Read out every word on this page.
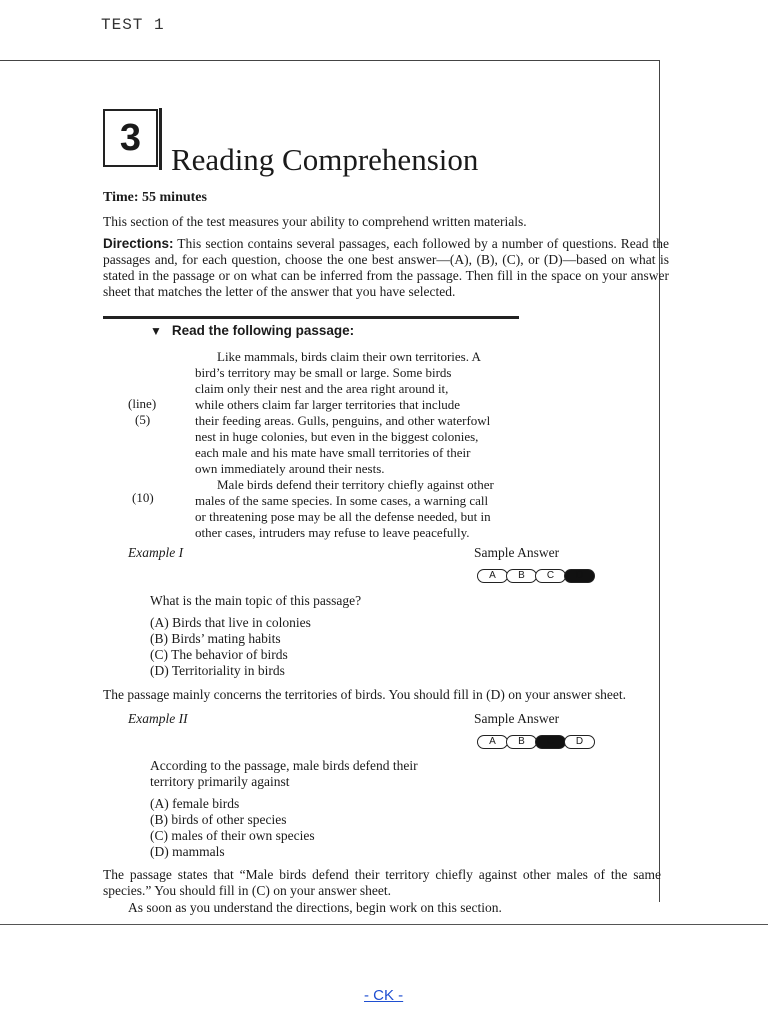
TEST 1
3
Reading Comprehension
Time: 55 minutes
This section of the test measures your ability to comprehend written materials.
Directions: This section contains several passages, each followed by a number of questions. Read the passages and, for each question, choose the one best answer—(A), (B), (C), or (D)—based on what is stated in the passage or on what can be inferred from the passage. Then fill in the space on your answer sheet that matches the letter of the answer that you have selected.
▼ Read the following passage:
Like mammals, birds claim their own territories. A
bird’s territory may be small or large. Some birds
claim only their nest and the area right around it,
while others claim far larger territories that include
their feeding areas. Gulls, penguins, and other waterfowl
nest in huge colonies, but even in the biggest colonies,
each male and his mate have small territories of their
own immediately around their nests.
Male birds defend their territory chiefly against other
males of the same species. In some cases, a warning call
or threatening pose may be all the defense needed, but in
other cases, intruders may refuse to leave peacefully.
(line)
(5)
(10)
Example I	Sample Answer
A	B	C	D
What is the main topic of this passage?
(A) Birds that live in colonies
(B) Birds’ mating habits
(C) The behavior of birds
(D) Territoriality in birds
The passage mainly concerns the territories of birds. You should fill in (D) on your answer sheet.
Example II	Sample Answer
A	B	C	D
According to the passage, male birds defend their
territory primarily against
(A) female birds
(B) birds of other species
(C) males of their own species
(D) mammals
The passage states that “Male birds defend their territory chiefly against other males of the same species.” You should fill in (C) on your answer sheet.
As soon as you understand the directions, begin work on this section.
- CK -
